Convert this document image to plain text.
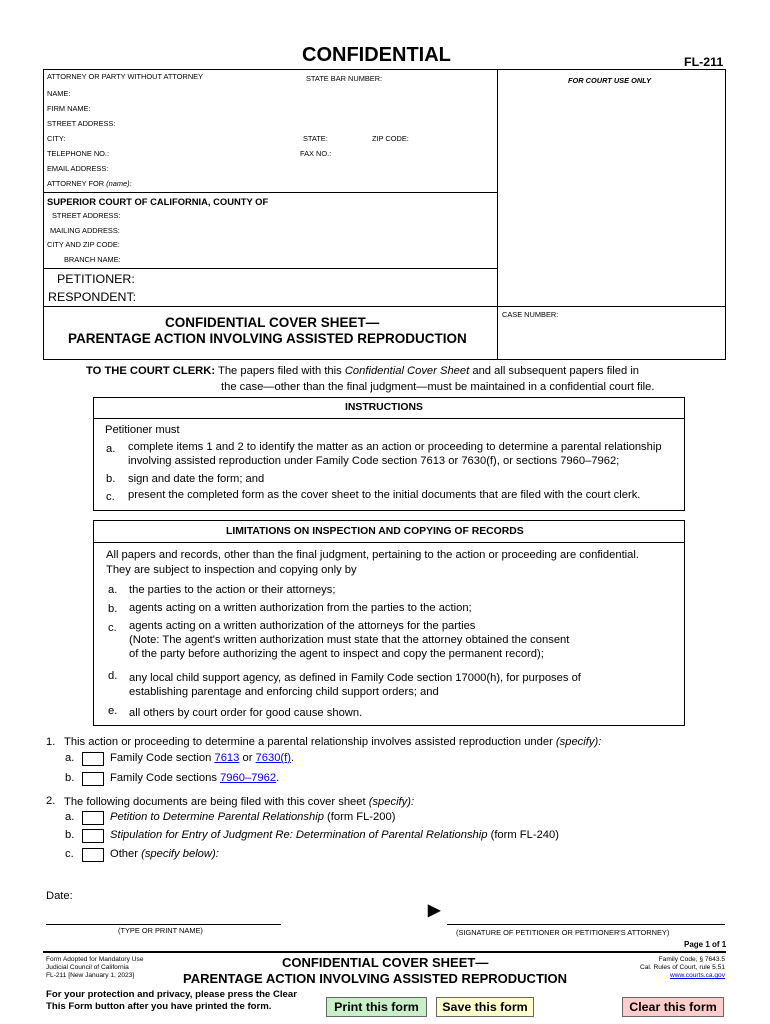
CONFIDENTIAL	FL-211
ATTORNEY OR PARTY WITHOUT ATTORNEY	STATE BAR NUMBER:
NAME:
FIRM NAME:
STREET ADDRESS:
CITY:	STATE:	ZIP CODE:
TELEPHONE NO.:	FAX NO.:
EMAIL ADDRESS:
ATTORNEY FOR (name):
FOR COURT USE ONLY
SUPERIOR COURT OF CALIFORNIA, COUNTY OF
STREET ADDRESS:
MAILING ADDRESS:
CITY AND ZIP CODE:
BRANCH NAME:
PETITIONER:
RESPONDENT:
CONFIDENTIAL COVER SHEET—
PARENTAGE ACTION INVOLVING ASSISTED REPRODUCTION
CASE NUMBER:
TO THE COURT CLERK: The papers filed with this Confidential Cover Sheet and all subsequent papers filed in
the case—other than the final judgment—must be maintained in a confidential court file.
INSTRUCTIONS
Petitioner must
a. complete items 1 and 2 to identify the matter as an action or proceeding to determine a parental relationship
involving assisted reproduction under Family Code section 7613 or 7630(f), or sections 7960–7962;
b. sign and date the form; and
c. present the completed form as the cover sheet to the initial documents that are filed with the court clerk.
LIMITATIONS ON INSPECTION AND COPYING OF RECORDS
All papers and records, other than the final judgment, pertaining to the action or proceeding are confidential.
They are subject to inspection and copying only by
a. the parties to the action or their attorneys;
b. agents acting on a written authorization from the parties to the action;
c. agents acting on a written authorization of the attorneys for the parties
(Note: The agent's written authorization must state that the attorney obtained the consent
of the party before authorizing the agent to inspect and copy the permanent record);
d. any local child support agency, as defined in Family Code section 17000(h), for purposes of
establishing parentage and enforcing child support orders; and
e. all others by court order for good cause shown.
1. This action or proceeding to determine a parental relationship involves assisted reproduction under (specify):
a.	Family Code section 7613 or 7630(f).
b.	Family Code sections 7960–7962.
2. The following documents are being filed with this cover sheet (specify):
a.	Petition to Determine Parental Relationship (form FL-200)
b.	Stipulation for Entry of Judgment Re: Determination of Parental Relationship (form FL-240)
c.	Other (specify below):
Date:
▶
(TYPE OR PRINT NAME)	(SIGNATURE OF PETITIONER OR PETITIONER'S ATTORNEY)
Page 1 of 1
Form Adopted for Mandatory Use
Judicial Council of California
FL-211 [New January 1, 2023]
CONFIDENTIAL COVER SHEET—
PARENTAGE ACTION INVOLVING ASSISTED REPRODUCTION
Family Code, § 7643.5
Cal. Rules of Court, rule 5.51
www.courts.ca.gov
For your protection and privacy, please press the Clear
This Form button after you have printed the form.	Print this form	Save this form	Clear this form
